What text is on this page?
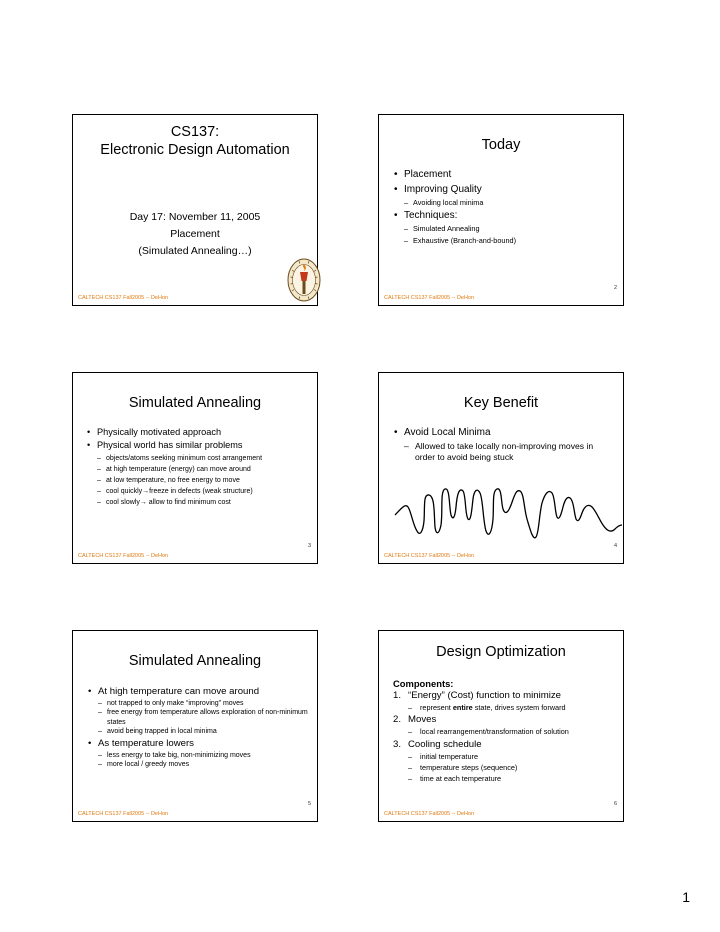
CS137:
Electronic Design Automation
Day 17: November 11, 2005
Placement
(Simulated Annealing…)
CALTECH CS137 Fall2005 -- DeHon
Today
• Placement
• Improving Quality
– Avoiding local minima
• Techniques:
– Simulated Annealing
– Exhaustive (Branch-and-bound)
2
CALTECH CS137 Fall2005 -- DeHon
Simulated Annealing
• Physically motivated approach
• Physical world has similar problems
– objects/atoms seeking minimum cost arrangement
– at high temperature (energy) can move around
– at low temperature, no free energy to move
– cool quickly→freeze in defects (weak structure)
– cool slowly→ allow to find minimum cost
3
CALTECH CS137 Fall2005 -- DeHon
Key Benefit
• Avoid Local Minima
– Allowed to take locally non-improving moves in order to avoid being stuck
4
CALTECH CS137 Fall2005 -- DeHon
Simulated Annealing
• At high temperature can move around
– not trapped to only make “improving” moves
– free energy from temperature allows exploration of non-minimum states
– avoid being trapped in local minima
• As temperature lowers
– less energy to take big, non-minimizing moves
– more local / greedy moves
5
CALTECH CS137 Fall2005 -- DeHon
Design Optimization
Components:
1. “Energy” (Cost) function to minimize
– represent entire state, drives system forward
2. Moves
– local rearrangement/transformation of solution
3. Cooling schedule
– initial temperature
– temperature steps (sequence)
– time at each temperature
6
CALTECH CS137 Fall2005 -- DeHon
1
